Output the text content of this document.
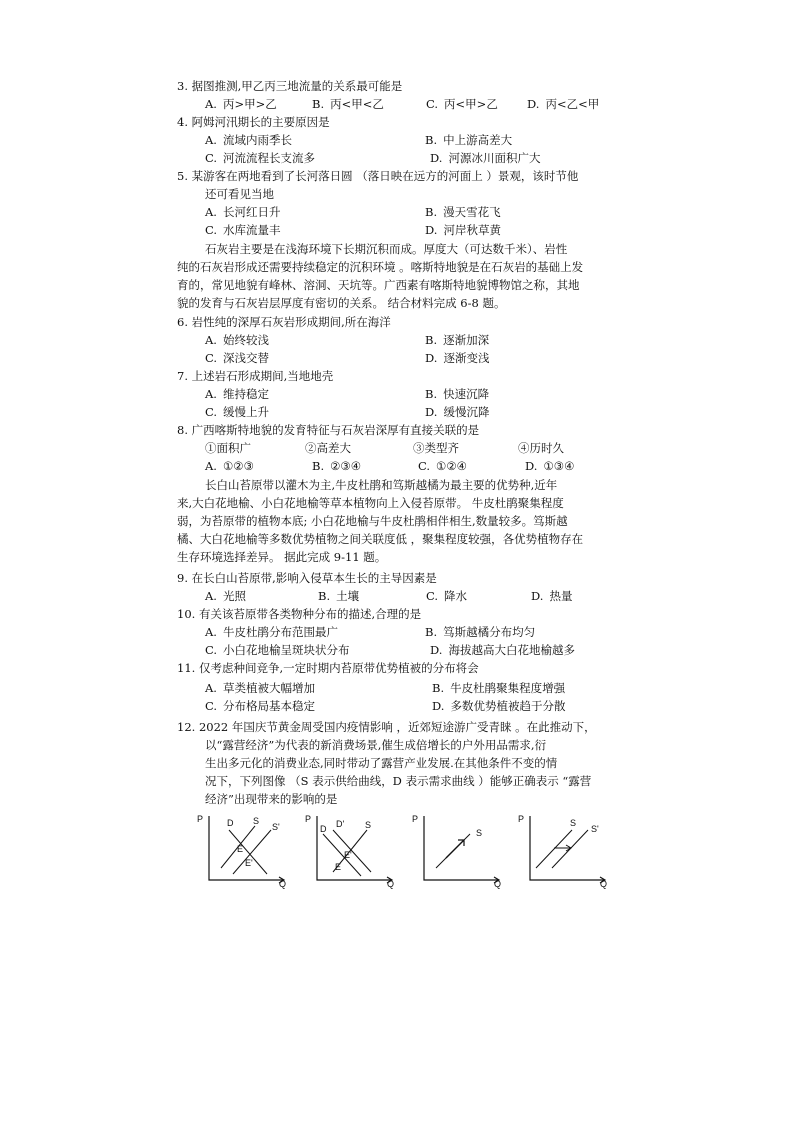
3. 据图推测,甲乙丙三地流量的关系最可能是
A. 丙>甲>乙	B. 丙<甲<乙	C. 丙<甲>乙	D. 丙<乙<甲
4. 阿姆河汛期长的主要原因是
A. 流域内雨季长	B. 中上游高差大
C. 河流流程长支流多	D. 河源冰川面积广大
5. 某游客在两地看到了长河落日圆 （落日映在远方的河面上 ）景观，该时节他
还可看见当地
A. 长河红日升	B. 漫天雪花飞
C. 水库流量丰	D. 河岸秋草黄
石灰岩主要是在浅海环境下长期沉积而成。厚度大（可达数千米）、岩性
纯的石灰岩形成还需要持续稳定的沉积环境 。喀斯特地貌是在石灰岩的基础上发
育的，常见地貌有峰林、溶洞、天坑等。广西素有喀斯特地貌博物馆之称，其地
貌的发育与石灰岩层厚度有密切的关系。 结合材料完成 6-8 题。
6. 岩性纯的深厚石灰岩形成期间,所在海洋
A. 始终较浅	B. 逐渐加深
C. 深浅交替	D. 逐渐变浅
7. 上述岩石形成期间,当地地壳
A. 维持稳定	B. 快速沉降
C. 缓慢上升	D. 缓慢沉降
8. 广西喀斯特地貌的发育特征与石灰岩深厚有直接关联的是
①面积广	②高差大	③类型齐	④历时久
A. ①②③	B. ②③④	C. ①②④	D. ①③④
长白山苔原带以灌木为主,牛皮杜鹃和笃斯越橘为最主要的优势种,近年
来,大白花地榆、小白花地榆等草本植物向上入侵苔原带。 牛皮杜鹃聚集程度
弱，为苔原带的植物本底; 小白花地榆与牛皮杜鹃相伴相生,数量较多。笃斯越
橘、大白花地榆等多数优势植物之间关联度低 ，聚集程度较强，各优势植物存在
生存环境选择差异。 据此完成 9-11 题。
9. 在长白山苔原带,影响入侵草本生长的主导因素是
A. 光照	B. 土壤	C. 降水	D. 热量
10. 有关该苔原带各类物种分布的描述,合理的是
A. 牛皮杜鹃分布范围最广	B. 笃斯越橘分布均匀
C. 小白花地榆呈斑块状分布	D. 海拔越高大白花地榆越多
11. 仅考虑种间竞争,一定时期内苔原带优势植被的分布将会
A. 草类植被大幅增加	B. 牛皮杜鹃聚集程度增强
C. 分布格局基本稳定	D. 多数优势植被趋于分散
12. 2022 年国庆节黄金周受国内疫情影响 ，近郊短途游广受青睐 。在此推动下，
以“露营经济”为代表的新消费场景,催生成倍增长的户外用品需求,衍
生出多元化的消费业态,同时带动了露营产业发展.在其他条件不变的情
况下，下列图像 （S 表示供给曲线，D 表示需求曲线 ）能够正确表示 “露营
经济”出现带来的影响的是
P
Q
D S
S'
E
E'
P
Q
D D' S
E
E'
P
Q
S
P
Q
S
S'
